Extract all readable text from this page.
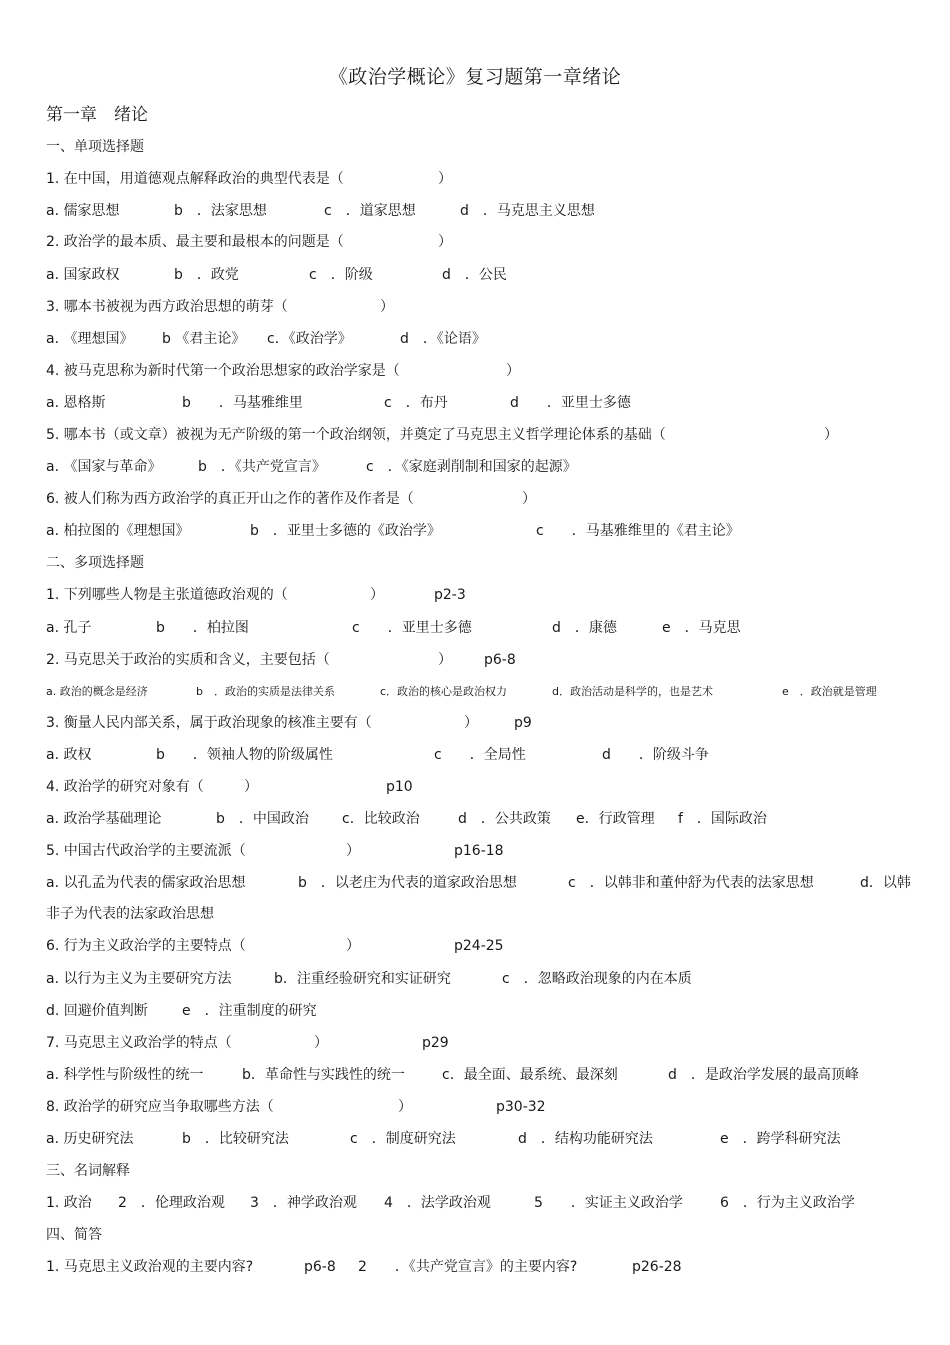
《政治学概论》复习题第一章绪论
第一章　绪论
一、单项选择题
1. 在中国，用道德观点解释政治的典型代表是（	）
a. 儒家思想	b　．法家思想	c　．道家思想	d　．马克思主义思想
2. 政治学的最本质、最主要和最根本的问题是（	）
a. 国家政权	b　．政党	c　．阶级	d　．公民
3. 哪本书被视为西方政治思想的萌芽（	）
a. 《理想国》 b 《君主论》 c．《政治学》	d　．《论语》
4. 被马克思称为新时代第一个政治思想家的政治学家是（	）
a. 恩格斯	b　　．马基雅维里	c　．布丹	d　　．亚里士多德
5. 哪本书（或文章）被视为无产阶级的第一个政治纲领，并奠定了马克思主义哲学理论体系的基础（	）
a. 《国家与革命》	b　．《共产党宣言》	c　．《家庭剥削制和国家的起源》
6. 被人们称为西方政治学的真正开山之作的著作及作者是（	）
a. 柏拉图的《理想国》	b　．亚里士多德的《政治学》	c　　．马基雅维里的《君主论》
二、多项选择题
1. 下列哪些人物是主张道德政治观的（	）	p2-3
a. 孔子	b　　．柏拉图	c　　．亚里士多德	d　．康德	e　．马克思
2. 马克思关于政治的实质和含义，主要包括（	） p6-8
a. 政治的概念是经济	b　．政治的实质是法律关系	c．政治的核心是政治权力	d．政治活动是科学的，也是艺术	e　．政治就是管理
3. 衡量人民内部关系，属于政治现象的核准主要有（	）	p9
a. 政权	b　　．领袖人物的阶级属性	c　　．全局性	d　　．阶级斗争
4. 政治学的研究对象有（	）	p10
a. 政治学基础理论	b　．中国政治 c．比较政治	d　．公共政策 e．行政管理 f　．国际政治
5. 中国古代政治学的主要流派（	）	p16-18
a. 以孔孟为代表的儒家政治思想	b　．以老庄为代表的道家政治思想	c　．以韩非和董仲舒为代表的法家思想	d．以韩
非子为代表的法家政治思想
6. 行为主义政治学的主要特点（	）	p24-25
a. 以行为主义为主要研究方法	b．注重经验研究和实证研究	c　．忽略政治现象的内在本质
d. 回避价值判断 e　．注重制度的研究
7. 马克思主义政治学的特点（	）	p29
a. 科学性与阶级性的统一	b．革命性与实践性的统一	c．最全面、最系统、最深刻	d　．是政治学发展的最高顶峰
8. 政治学的研究应当争取哪些方法（	）	p30-32
a. 历史研究法	b　．比较研究法	c　．制度研究法	d　．结构功能研究法	e　．跨学科研究法
三、名词解释
1. 政治 2　．伦理政治观 3　．神学政治观 4　．法学政治观	5　　．实证主义政治学	6　．行为主义政治学
四、简答
1. 马克思主义政治观的主要内容?	p6-8 2　　．《共产党宣言》的主要内容?	p26-28
